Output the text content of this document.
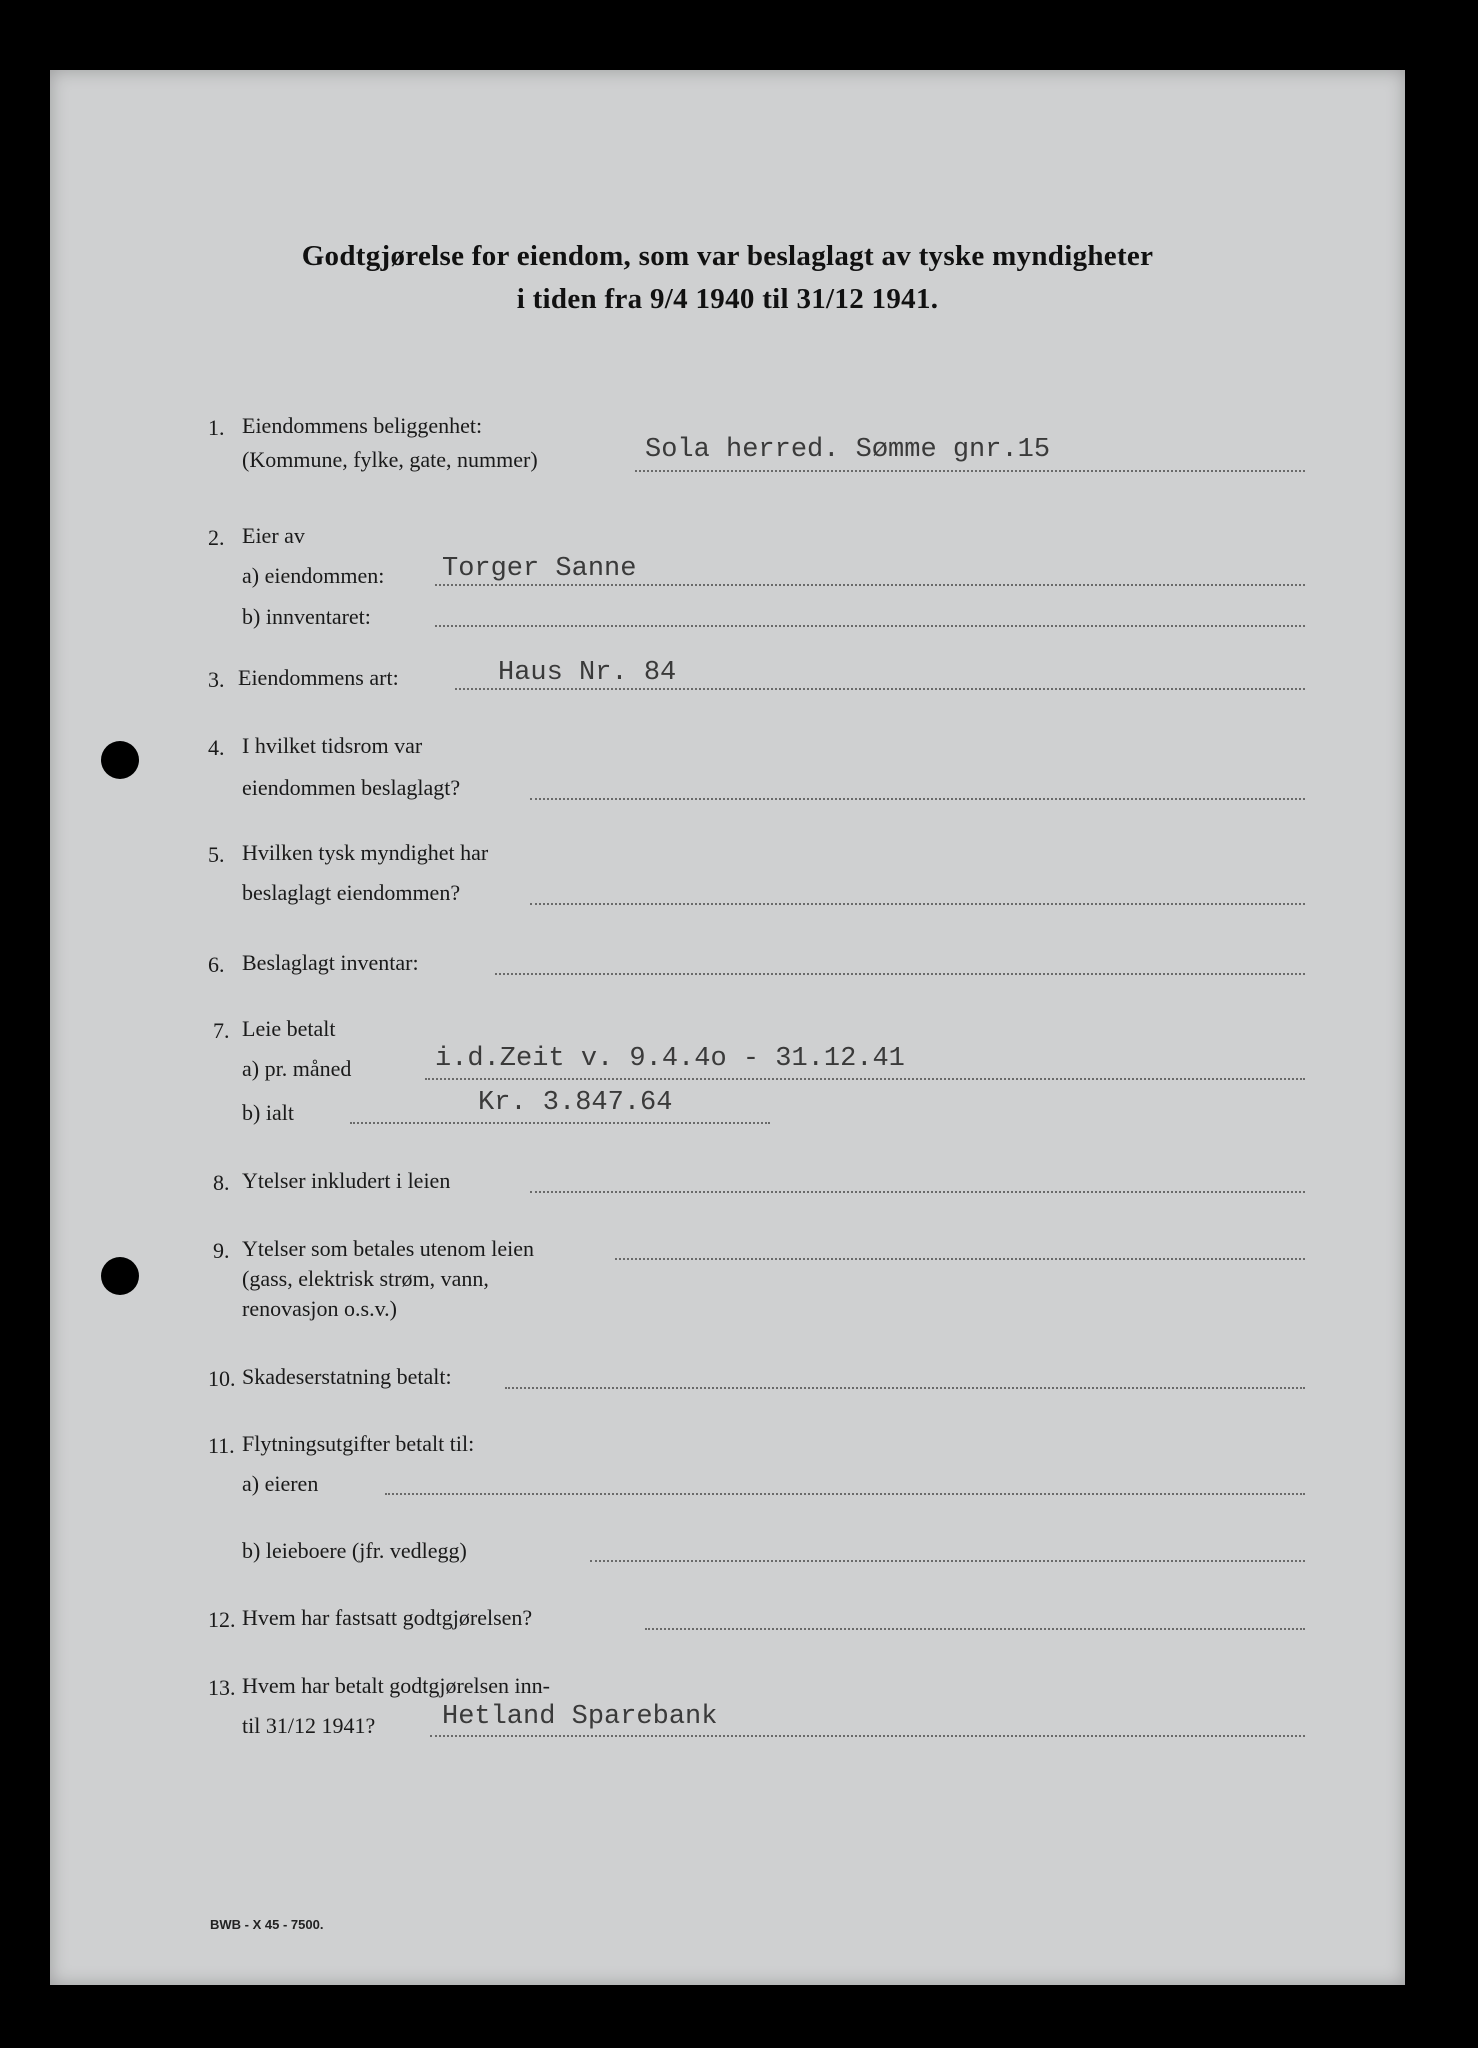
Godtgjørelse for eiendom, som var beslaglagt av tyske myndigheter
i tiden fra 9/4 1940 til 31/12 1941.
1. Eiendommens beliggenhet:
(Kommune, fylke, gate, nummer)	Sola herred. Sømme gnr.15
2. Eier av
a) eiendommen: Torger Sanne
b) innventaret:
3. Eiendommens art:	Haus Nr. 84
4. I hvilket tidsrom var
eiendommen beslaglagt?
5. Hvilken tysk myndighet har
beslaglagt eiendommen?
6. Beslaglagt inventar:
7. Leie betalt
a) pr. måned	i.d.Zeit v. 9.4.4o - 31.12.41
b) ialt	Kr. 3.847.64
8. Ytelser inkludert i leien
9. Ytelser som betales utenom leien
(gass, elektrisk strøm, vann,
renovasjon o.s.v.)
10. Skadeserstatning betalt:
11. Flytningsutgifter betalt til:
a) eieren
b) leieboere (jfr. vedlegg)
12. Hvem har fastsatt godtgjørelsen?
13. Hvem har betalt godtgjørelsen inn-
til 31/12 1941? Hetland Sparebank
BWB - X 45 - 7500.
